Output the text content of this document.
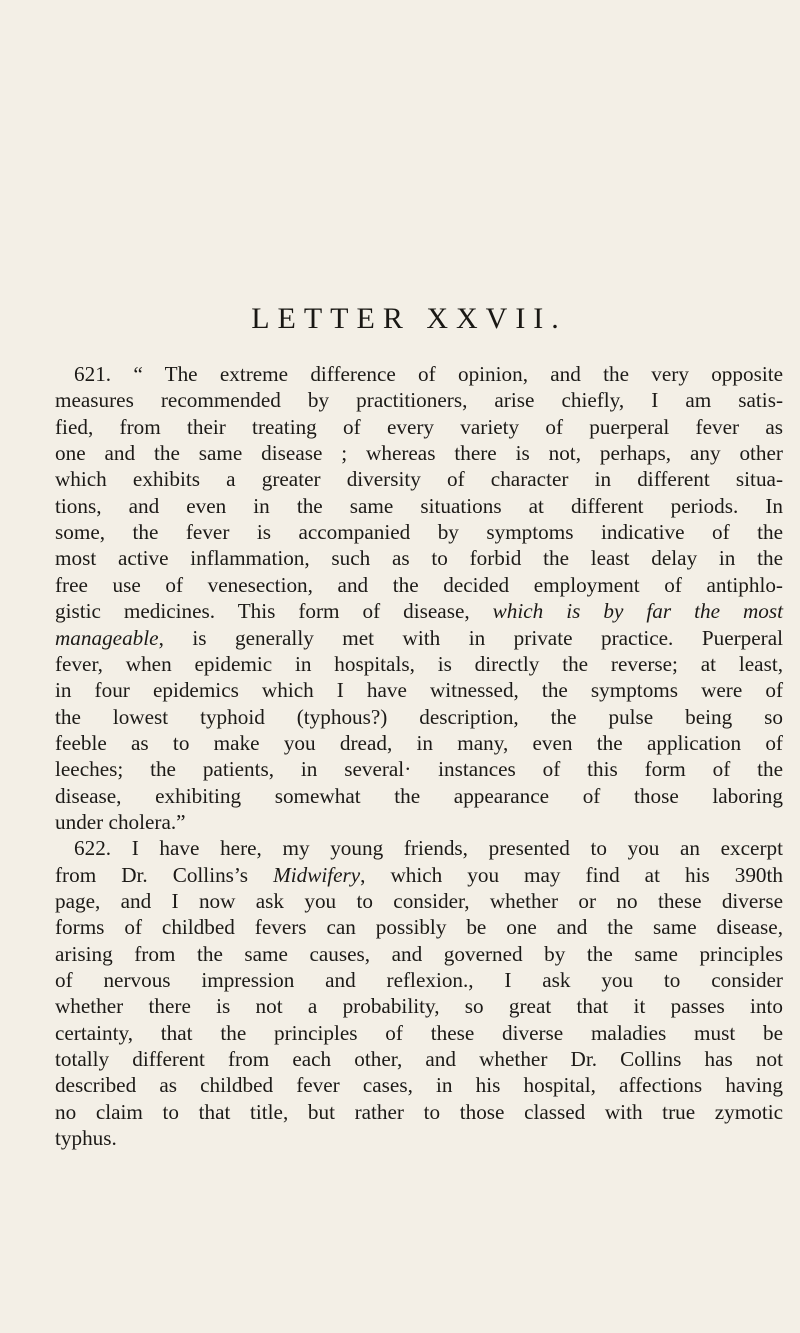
LETTER XXVII.
621. “ The extreme difference of opinion, and the very opposite
measures recommended by practitioners, arise chiefly, I am satis-
fied, from their treating of every variety of puerperal fever as
one and the same disease ; whereas there is not, perhaps, any other
which exhibits a greater diversity of character in different situa-
tions, and even in the same situations at different periods. In
some, the fever is accompanied by symptoms indicative of the
most active inflammation, such as to forbid the least delay in the
free use of venesection, and the decided employment of antiphlo-
gistic medicines. This form of disease, which is by far the most
manageable, is generally met with in private practice. Puerperal
fever, when epidemic in hospitals, is directly the reverse; at least,
in four epidemics which I have witnessed, the symptoms were of
the lowest typhoid (typhous?) description, the pulse being so
feeble as to make you dread, in many, even the application of
leeches; the patients, in several· instances of this form of the
disease, exhibiting somewhat the appearance of those laboring
under cholera.”
622. I have here, my young friends, presented to you an excerpt
from Dr. Collins’s Midwifery, which you may find at his 390th
page, and I now ask you to consider, whether or no these diverse
forms of childbed fevers can possibly be one and the same disease,
arising from the same causes, and governed by the same principles
of nervous impression and reflexion., I ask you to consider
whether there is not a probability, so great that it passes into
certainty, that the principles of these diverse maladies must be
totally different from each other, and whether Dr. Collins has not
described as childbed fever cases, in his hospital, affections having
no claim to that title, but rather to those classed with true zymotic
typhus.
